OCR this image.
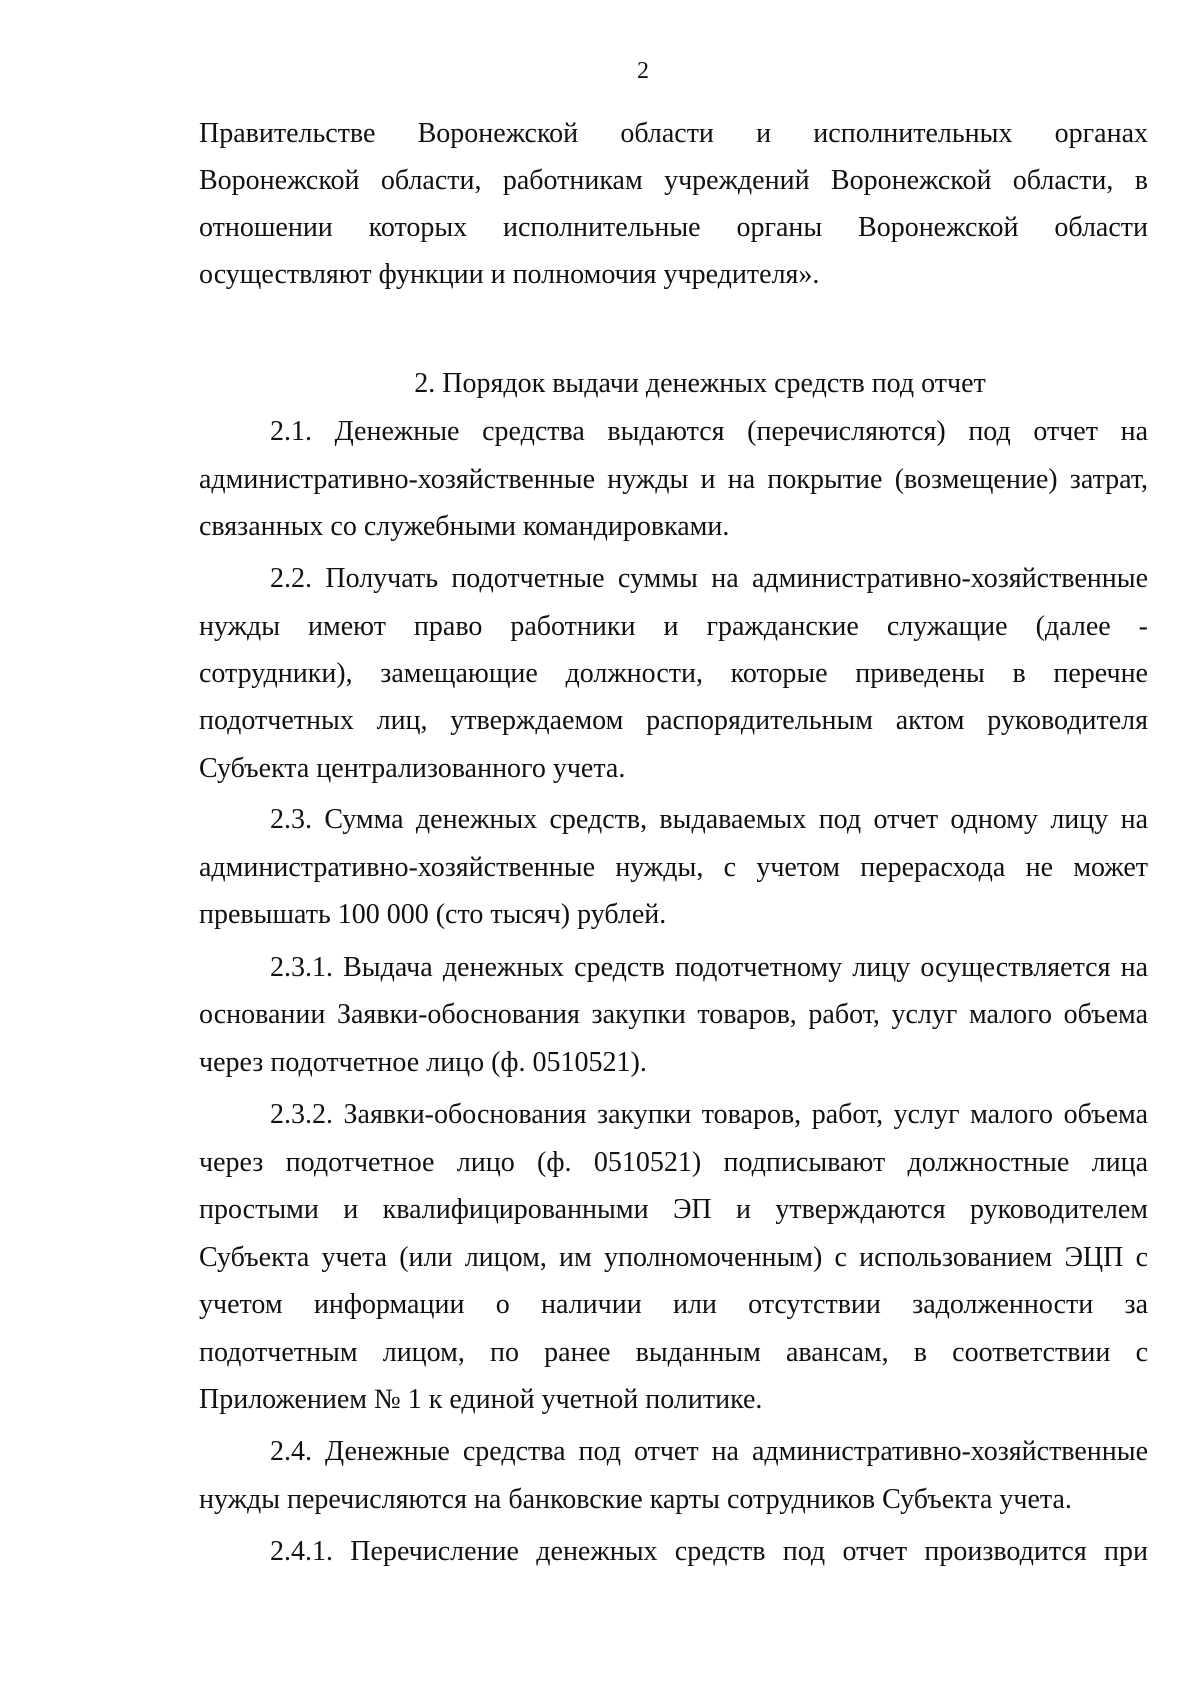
2
Правительстве Воронежской области и исполнительных органах
Воронежской области, работникам учреждений Воронежской области, в
отношении которых исполнительные органы Воронежской области
осуществляют функции и полномочия учредителя».
2. Порядок выдачи денежных средств под отчет
2.1. Денежные средства выдаются (перечисляются) под отчет на
административно-хозяйственные нужды и на покрытие (возмещение) затрат,
связанных со служебными командировками.
2.2. Получать подотчетные суммы на административно-хозяйственные
нужды имеют право работники и гражданские служащие (далее -
сотрудники), замещающие должности, которые приведены в перечне
подотчетных лиц, утверждаемом распорядительным актом руководителя
Субъекта централизованного учета.
2.3. Сумма денежных средств, выдаваемых под отчет одному лицу на
административно-хозяйственные нужды, с учетом перерасхода не может
превышать 100 000 (сто тысяч) рублей.
2.3.1. Выдача денежных средств подотчетному лицу осуществляется на
основании Заявки-обоснования закупки товаров, работ, услуг малого объема
через подотчетное лицо (ф. 0510521).
2.3.2. Заявки-обоснования закупки товаров, работ, услуг малого объема
через подотчетное лицо (ф. 0510521) подписывают должностные лица
простыми и квалифицированными ЭП и утверждаются руководителем
Субъекта учета (или лицом, им уполномоченным) с использованием ЭЦП с
учетом информации о наличии или отсутствии задолженности за
подотчетным лицом, по ранее выданным авансам, в соответствии с
Приложением № 1 к единой учетной политике.
2.4. Денежные средства под отчет на административно-хозяйственные
нужды перечисляются на банковские карты сотрудников Субъекта учета.
2.4.1. Перечисление денежных средств под отчет производится при
